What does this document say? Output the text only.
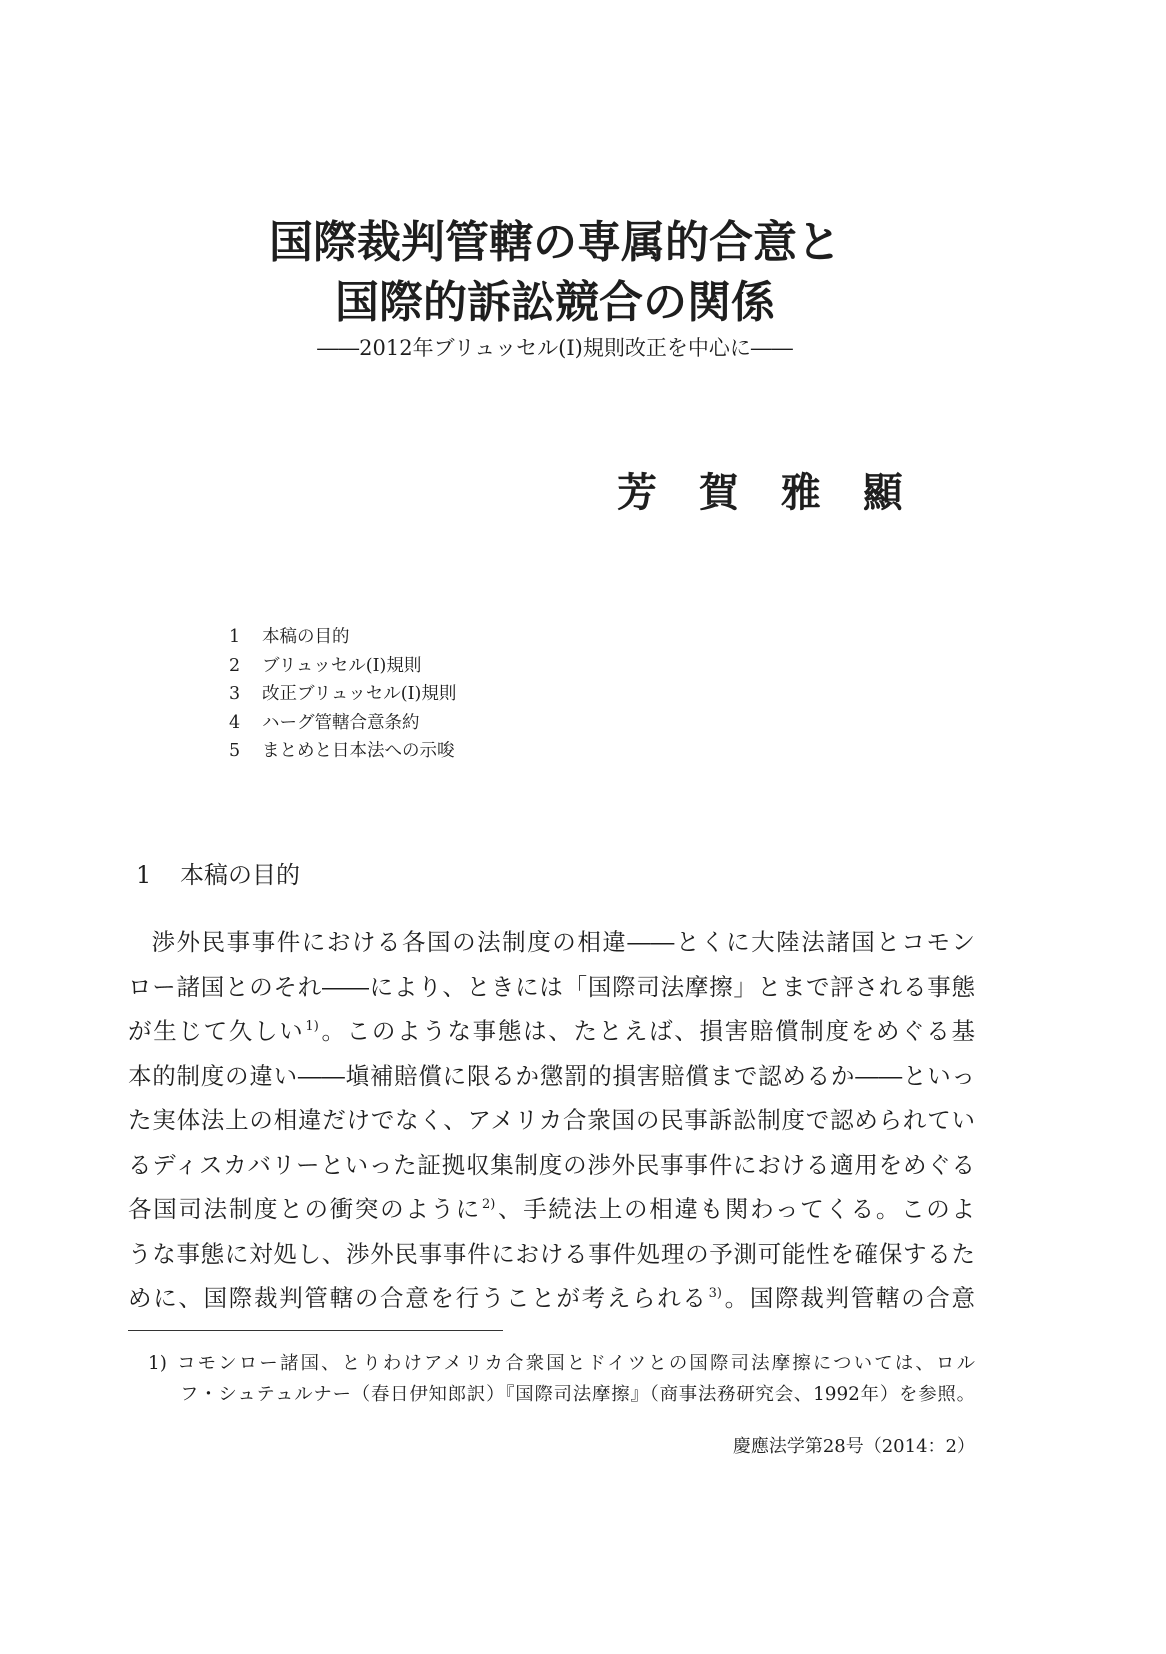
国際裁判管轄の専属的合意と
国際的訴訟競合の関係
――2012年ブリュッセル(I)規則改正を中心に――
芳 賀 雅 顯
1 本稿の目的
2 ブリュッセル(I)規則
3 改正ブリュッセル(I)規則
4 ハーグ管轄合意条約
5 まとめと日本法への示唆
1 本稿の目的
渉外民事事件における各国の法制度の相違――とくに大陸法諸国とコモン
ロー諸国とのそれ――により、ときには「国際司法摩擦」とまで評される事態
が生じて久しい$^{1)}$。このような事態は、たとえば、損害賠償制度をめぐる基
本的制度の違い――塡補賠償に限るか懲罰的損害賠償まで認めるか――といっ
た実体法上の相違だけでなく、アメリカ合衆国の民事訴訟制度で認められてい
るディスカバリーといった証拠収集制度の渉外民事事件における適用をめぐる
各国司法制度との衝突のように$^{2)}$、手続法上の相違も関わってくる。このよ
うな事態に対処し、渉外民事事件における事件処理の予測可能性を確保するた
めに、国際裁判管轄の合意を行うことが考えられる$^{3)}$。国際裁判管轄の合意
1) コモンロー諸国、とりわけアメリカ合衆国とドイツとの国際司法摩擦については、ロル
フ・シュテュルナー（春日伊知郎訳）『国際司法摩擦』（商事法務研究会、1992年）を参照。
慶應法学第28号（2014：2）
